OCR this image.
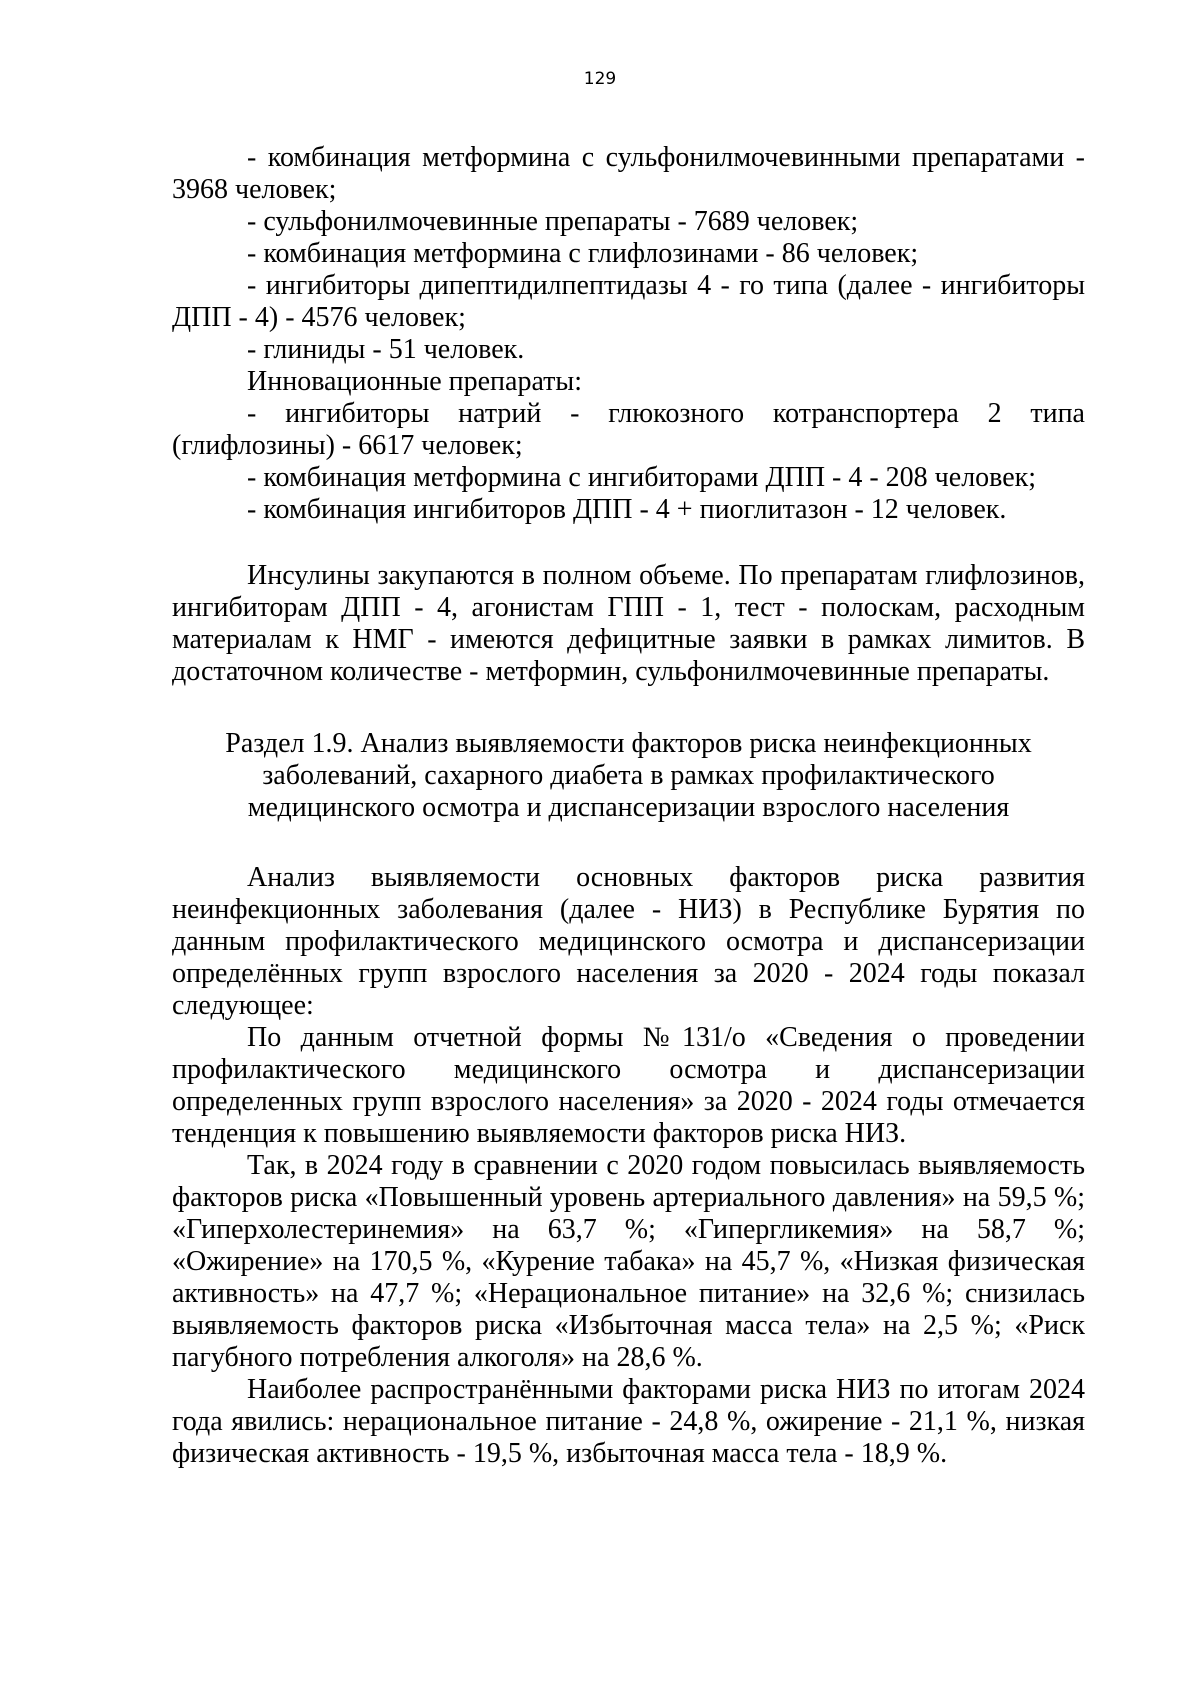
129

- комбинация метформина с сульфонилмочевинными препаратами - 3968 человек;

- сульфонилмочевинные препараты - 7689 человек;

- комбинация метформина с глифлозинами - 86 человек;

- ингибиторы дипептидилпептидазы 4 - го типа (далее - ингибиторы ДПП - 4) - 4576 человек;

- глиниды - 51 человек.

Инновационные препараты:

- ингибиторы натрий - глюкозного котранспортера 2 типа (глифлозины) - 6617 человек;

- комбинация метформина с ингибиторами ДПП - 4 - 208 человек;

- комбинация ингибиторов ДПП - 4 + пиоглитазон - 12 человек.

Инсулины закупаются в полном объеме. По препаратам глифлозинов, ингибиторам ДПП - 4, агонистам ГПП - 1, тест - полоскам, расходным материалам к НМГ - имеются дефицитные заявки в рамках лимитов. В достаточном количестве - метформин, сульфонилмочевинные препараты.

Раздел 1.9. Анализ выявляемости факторов риска неинфекционных
заболеваний, сахарного диабета в рамках профилактического
медицинского осмотра и диспансеризации взрослого населения

Анализ выявляемости основных факторов риска развития неинфекционных заболевания (далее - НИЗ) в Республике Бурятия по данным профилактического медицинского осмотра и диспансеризации определённых групп взрослого населения за 2020 - 2024 годы показал следующее:

По данным отчетной формы №131/о «Сведения о проведении профилактического медицинского осмотра и диспансеризации определенных групп взрослого населения» за 2020 - 2024 годы отмечается тенденция к повышению выявляемости факторов риска НИЗ.

Так, в 2024 году в сравнении с 2020 годом повысилась выявляемость факторов риска «Повышенный уровень артериального давления» на 59,5 %; «Гиперхолестеринемия» на 63,7 %; «Гипергликемия» на 58,7 %; «Ожирение» на 170,5 %, «Курение табака» на 45,7 %, «Низкая физическая активность» на 47,7 %; «Нерациональное питание» на 32,6 %; снизилась выявляемость факторов риска «Избыточная масса тела» на 2,5 %; «Риск пагубного потребления алкоголя» на 28,6 %.

Наиболее распространёнными факторами риска НИЗ по итогам 2024 года явились: нерациональное питание - 24,8 %, ожирение - 21,1 %, низкая физическая активность - 19,5 %, избыточная масса тела - 18,9 %.
